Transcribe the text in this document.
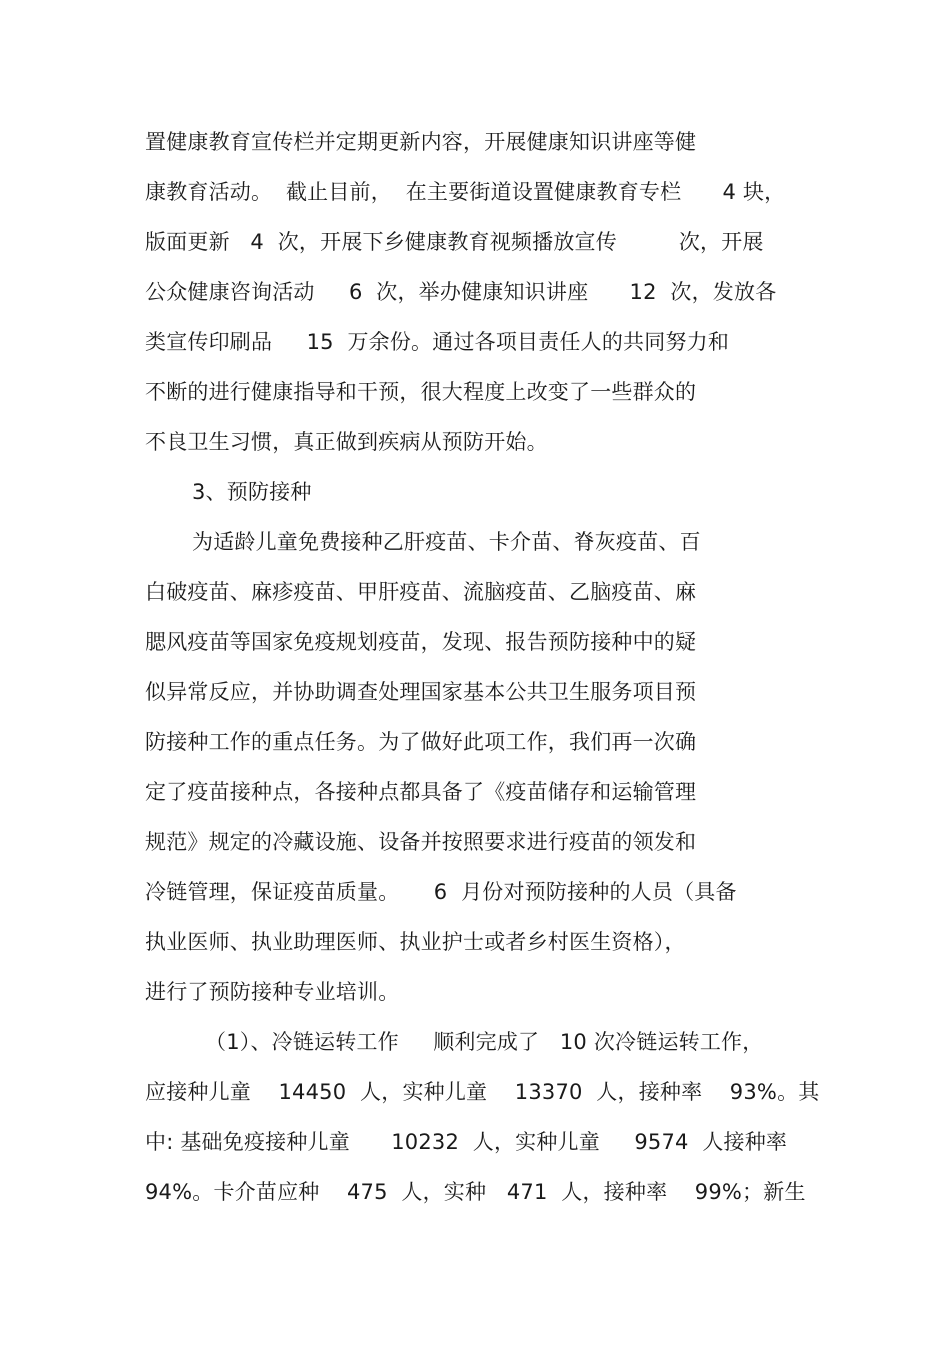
置健康教育宣传栏并定期更新内容，开展健康知识讲座等健
康教育活动。  截止目前，  在主要街道设置健康教育专栏      4 块，
版面更新   4  次，开展下乡健康教育视频播放宣传         次，开展
公众健康咨询活动     6  次，举办健康知识讲座      12  次，发放各
类宣传印刷品     15  万余份。通过各项目责任人的共同努力和
不断的进行健康指导和干预，很大程度上改变了一些群众的
不良卫生习惯，真正做到疾病从预防开始。
3、预防接种
为适龄儿童免费接种乙肝疫苗、卡介苗、脊灰疫苗、百
白破疫苗、麻疹疫苗、甲肝疫苗、流脑疫苗、乙脑疫苗、麻
腮风疫苗等国家免疫规划疫苗，发现、报告预防接种中的疑
似异常反应，并协助调查处理国家基本公共卫生服务项目预
防接种工作的重点任务。为了做好此项工作，我们再一次确
定了疫苗接种点，各接种点都具备了《疫苗储存和运输管理
规范》规定的冷藏设施、设备并按照要求进行疫苗的领发和
冷链管理，保证疫苗质量。     6  月份对预防接种的人员（具备
执业医师、执业助理医师、执业护士或者乡村医生资格），
进行了预防接种专业培训。
（1）、冷链运转工作     顺利完成了   10 次冷链运转工作，
应接种儿童    14450  人，实种儿童    13370  人，接种率    93%。其
中: 基础免疫接种儿童      10232  人，实种儿童     9574  人接种率
94%。卡介苗应种    475  人，实种   471  人，接种率    99%；新生
